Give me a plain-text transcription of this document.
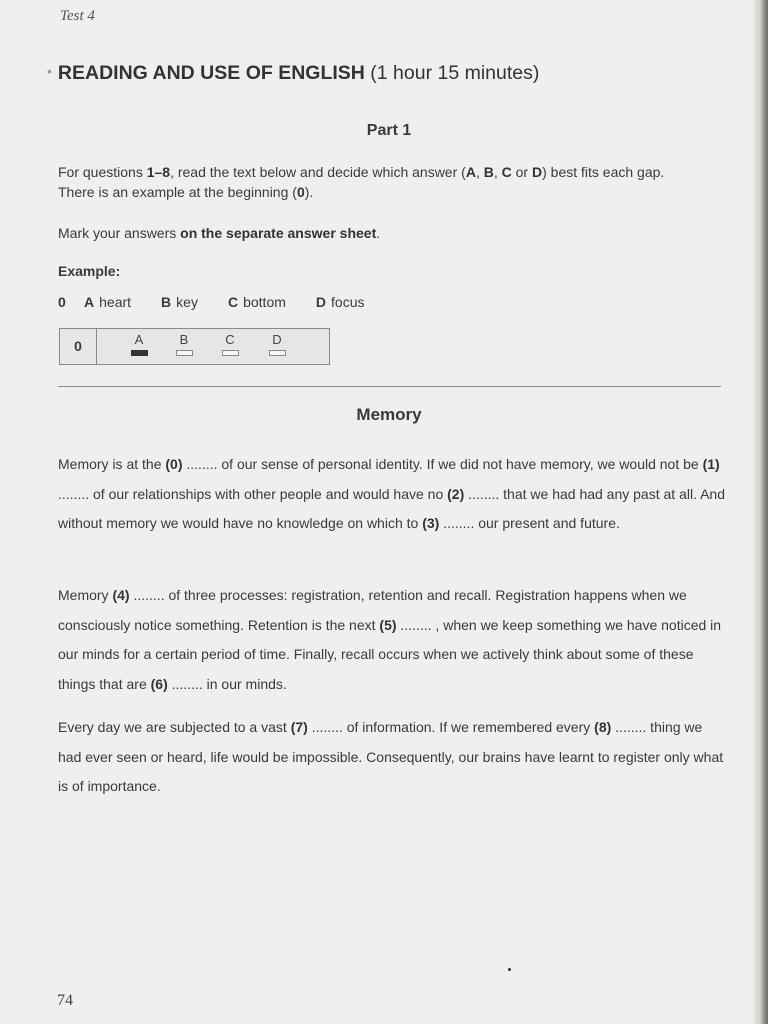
Test 4
• READING AND USE OF ENGLISH (1 hour 15 minutes)
Part 1
For questions 1–8, read the text below and decide which answer (A, B, C or D) best fits each gap.
There is an example at the beginning (0).
Mark your answers on the separate answer sheet.
Example:
0 A heart B key C bottom D focus
0	A	B	C	D
Memory
Memory is at the (0) ........ of our sense of personal identity. If we did not have memory, we would not be (1) ........ of our relationships with other people and would have no (2) ........ that we had had any past at all. And without memory we would have no knowledge on which to (3) ........ our present and future.
Memory (4) ........ of three processes: registration, retention and recall. Registration happens when we consciously notice something. Retention is the next (5) ........ , when we keep something we have noticed in our minds for a certain period of time. Finally, recall occurs when we actively think about some of these things that are (6) ........ in our minds.
Every day we are subjected to a vast (7) ........ of information. If we remembered every (8) ........ thing we had ever seen or heard, life would be impossible. Consequently, our brains have learnt to register only what is of importance.
74
